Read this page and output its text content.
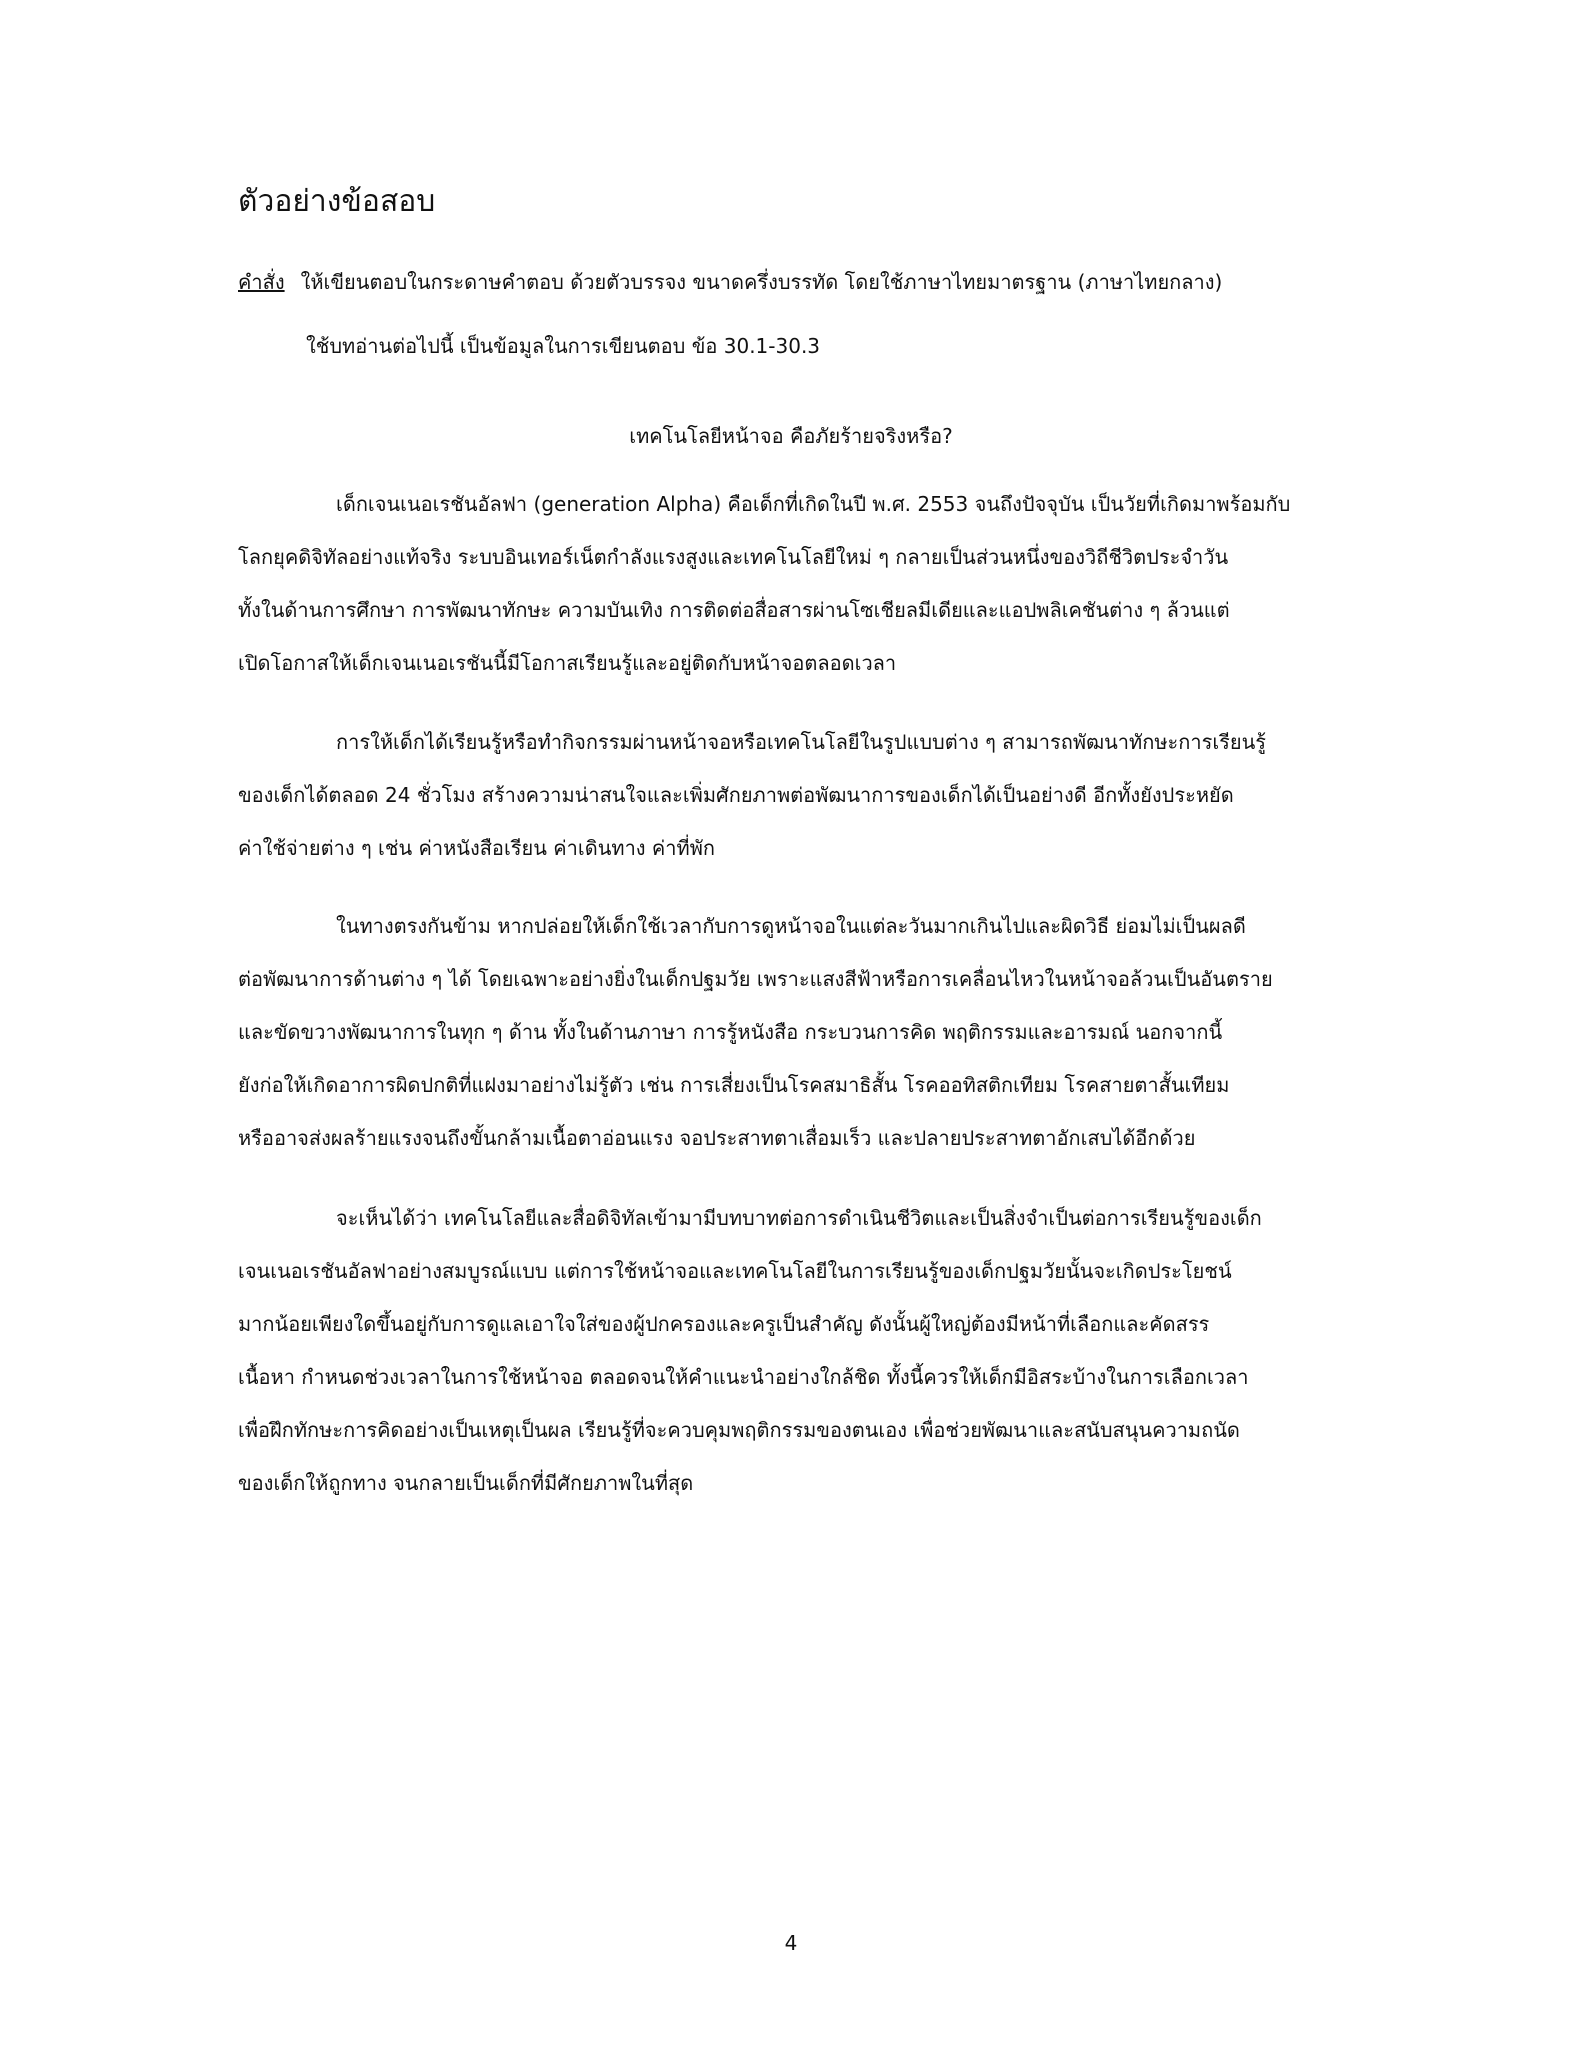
ตัวอย่างข้อสอบ
คำสั่ง ให้เขียนตอบในกระดาษคำตอบ ด้วยตัวบรรจง ขนาดครึ่งบรรทัด โดยใช้ภาษาไทยมาตรฐาน (ภาษาไทยกลาง)
ใช้บทอ่านต่อไปนี้ เป็นข้อมูลในการเขียนตอบ ข้อ 30.1-30.3
เทคโนโลยีหน้าจอ คือภัยร้ายจริงหรือ?
เด็กเจนเนอเรชันอัลฟา (generation Alpha) คือเด็กที่เกิดในปี พ.ศ. 2553 จนถึงปัจจุบัน เป็นวัยที่เกิดมาพร้อมกับ
โลกยุคดิจิทัลอย่างแท้จริง ระบบอินเทอร์เน็ตกำลังแรงสูงและเทคโนโลยีใหม่ ๆ กลายเป็นส่วนหนึ่งของวิถีชีวิตประจำวัน
ทั้งในด้านการศึกษา การพัฒนาทักษะ ความบันเทิง การติดต่อสื่อสารผ่านโซเชียลมีเดียและแอปพลิเคชันต่าง ๆ ล้วนแต่
เปิดโอกาสให้เด็กเจนเนอเรชันนี้มีโอกาสเรียนรู้และอยู่ติดกับหน้าจอตลอดเวลา
การให้เด็กได้เรียนรู้หรือทำกิจกรรมผ่านหน้าจอหรือเทคโนโลยีในรูปแบบต่าง ๆ สามารถพัฒนาทักษะการเรียนรู้
ของเด็กได้ตลอด 24 ชั่วโมง สร้างความน่าสนใจและเพิ่มศักยภาพต่อพัฒนาการของเด็กได้เป็นอย่างดี อีกทั้งยังประหยัด
ค่าใช้จ่ายต่าง ๆ เช่น ค่าหนังสือเรียน ค่าเดินทาง ค่าที่พัก
ในทางตรงกันข้าม หากปล่อยให้เด็กใช้เวลากับการดูหน้าจอในแต่ละวันมากเกินไปและผิดวิธี ย่อมไม่เป็นผลดี
ต่อพัฒนาการด้านต่าง ๆ ได้ โดยเฉพาะอย่างยิ่งในเด็กปฐมวัย เพราะแสงสีฟ้าหรือการเคลื่อนไหวในหน้าจอล้วนเป็นอันตราย
และขัดขวางพัฒนาการในทุก ๆ ด้าน ทั้งในด้านภาษา การรู้หนังสือ กระบวนการคิด พฤติกรรมและอารมณ์ นอกจากนี้
ยังก่อให้เกิดอาการผิดปกติที่แฝงมาอย่างไม่รู้ตัว เช่น การเสี่ยงเป็นโรคสมาธิสั้น โรคออทิสติกเทียม โรคสายตาสั้นเทียม
หรืออาจส่งผลร้ายแรงจนถึงขั้นกล้ามเนื้อตาอ่อนแรง จอประสาทตาเสื่อมเร็ว และปลายประสาทตาอักเสบได้อีกด้วย
จะเห็นได้ว่า เทคโนโลยีและสื่อดิจิทัลเข้ามามีบทบาทต่อการดำเนินชีวิตและเป็นสิ่งจำเป็นต่อการเรียนรู้ของเด็ก
เจนเนอเรชันอัลฟาอย่างสมบูรณ์แบบ แต่การใช้หน้าจอและเทคโนโลยีในการเรียนรู้ของเด็กปฐมวัยนั้นจะเกิดประโยชน์
มากน้อยเพียงใดขึ้นอยู่กับการดูแลเอาใจใส่ของผู้ปกครองและครูเป็นสำคัญ ดังนั้นผู้ใหญ่ต้องมีหน้าที่เลือกและคัดสรร
เนื้อหา กำหนดช่วงเวลาในการใช้หน้าจอ ตลอดจนให้คำแนะนำอย่างใกล้ชิด ทั้งนี้ควรให้เด็กมีอิสระบ้างในการเลือกเวลา
เพื่อฝึกทักษะการคิดอย่างเป็นเหตุเป็นผล เรียนรู้ที่จะควบคุมพฤติกรรมของตนเอง เพื่อช่วยพัฒนาและสนับสนุนความถนัด
ของเด็กให้ถูกทาง จนกลายเป็นเด็กที่มีศักยภาพในที่สุด
4
